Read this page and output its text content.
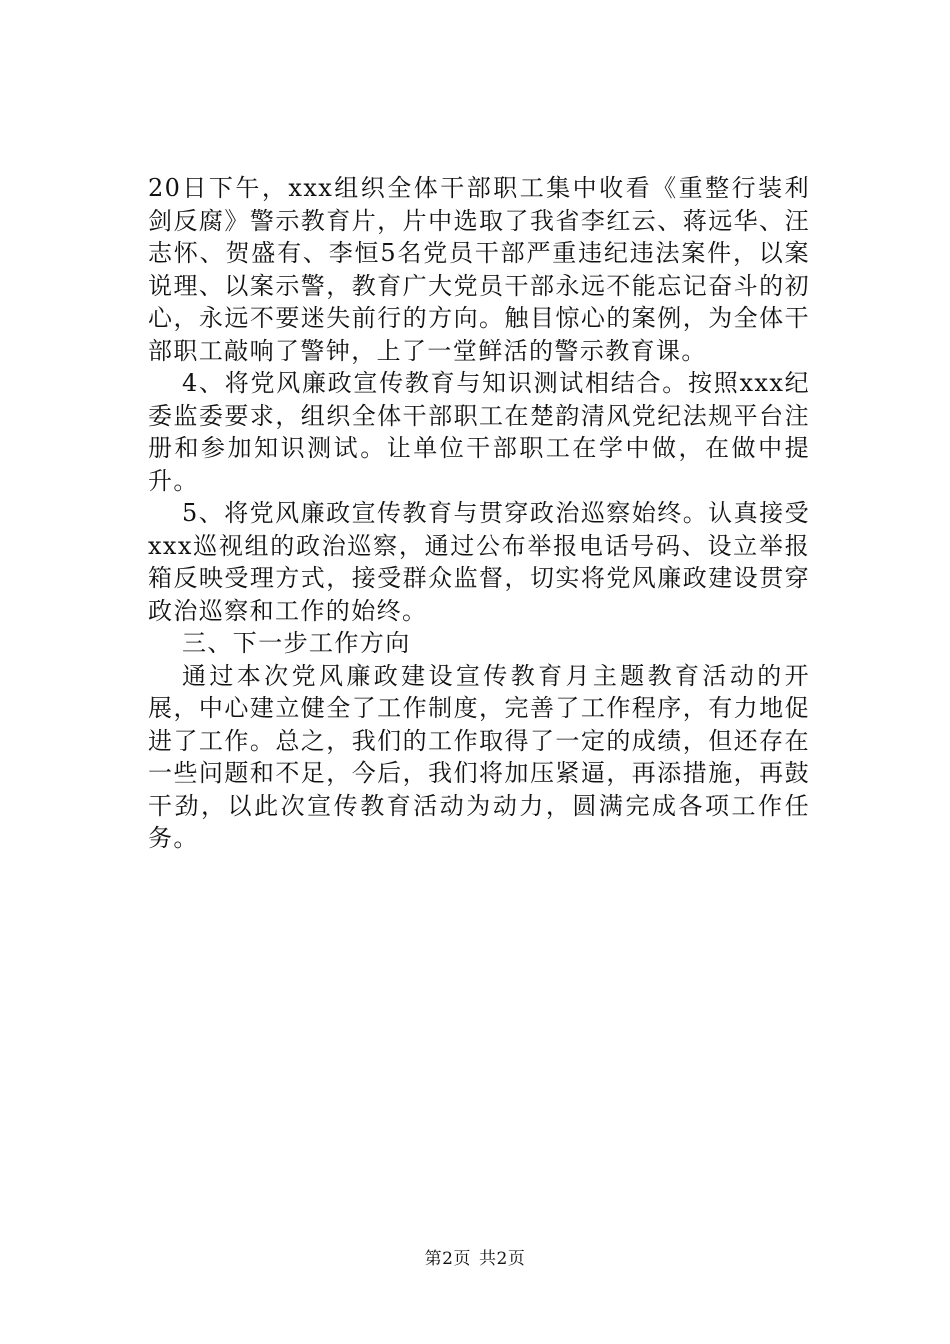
20日下午，xxx组织全体干部职工集中收看《重整行装利剑反腐》警示教育片，片中选取了我省李红云、蒋远华、汪志怀、贺盛有、李恒5名党员干部严重违纪违法案件，以案说理、以案示警，教育广大党员干部永远不能忘记奋斗的初心，永远不要迷失前行的方向。触目惊心的案例，为全体干部职工敲响了警钟，上了一堂鲜活的警示教育课。

4、将党风廉政宣传教育与知识测试相结合。按照xxx纪委监委要求，组织全体干部职工在楚韵清风党纪法规平台注册和参加知识测试。让单位干部职工在学中做，在做中提升。

5、将党风廉政宣传教育与贯穿政治巡察始终。认真接受xxx巡视组的政治巡察，通过公布举报电话号码、设立举报箱反映受理方式，接受群众监督，切实将党风廉政建设贯穿政治巡察和工作的始终。

三、下一步工作方向

通过本次党风廉政建设宣传教育月主题教育活动的开展，中心建立健全了工作制度，完善了工作程序，有力地促进了工作。总之，我们的工作取得了一定的成绩，但还存在一些问题和不足，今后，我们将加压紧逼，再添措施，再鼓干劲，以此次宣传教育活动为动力，圆满完成各项工作任务。

第2页 共2页
